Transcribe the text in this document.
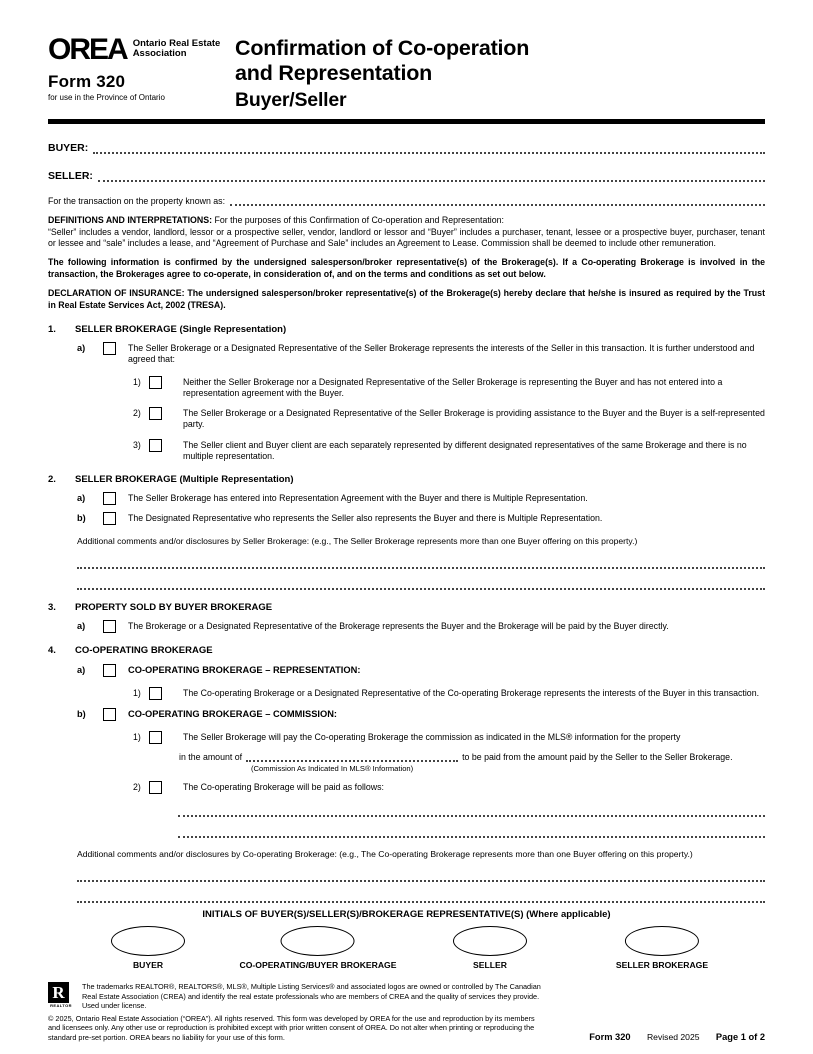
OREA Ontario Real Estate
Association
Form 320
for use in the Province of Ontario
Confirmation of Co-operation
and Representation
Buyer/Seller
BUYER:
SELLER:
For the transaction on the property known as:

DEFINITIONS AND INTERPRETATIONS: For the purposes of this Confirmation of Co-operation and Representation:

“Seller” includes a vendor, landlord, lessor or a prospective seller, vendor, landlord or lessor and “Buyer” includes a purchaser, tenant, lessee or a prospective buyer, purchaser, tenant or lessee and “sale” includes a lease, and “Agreement of Purchase and Sale” includes an Agreement to Lease. Commission shall be deemed to include other remuneration.

The following information is confirmed by the undersigned salesperson/broker representative(s) of the Brokerage(s). If a Co-operating Brokerage is involved in the transaction, the Brokerages agree to co-operate, in consideration of, and on the terms and conditions as set out below.

DECLARATION OF INSURANCE: The undersigned salesperson/broker representative(s) of the Brokerage(s) hereby declare that he/she is insured as required by the Trust in Real Estate Services Act, 2002 (TRESA).

1.	SELLER BROKERAGE (Single Representation)
a)	The Seller Brokerage or a Designated Representative of the Seller Brokerage represents the interests of the Seller in this transaction. It is further understood and agreed that:
1)	Neither the Seller Brokerage nor a Designated Representative of the Seller Brokerage is representing the Buyer and has not entered into a representation agreement with the Buyer.
2)	The Seller Brokerage or a Designated Representative of the Seller Brokerage is providing assistance to the Buyer and the Buyer is a self-represented party.
3)	The Seller client and Buyer client are each separately represented by different designated representatives of the same Brokerage and there is no multiple representation.
2.	SELLER BROKERAGE (Multiple Representation)
a)	The Seller Brokerage has entered into Representation Agreement with the Buyer and there is Multiple Representation.
b)	The Designated Representative who represents the Seller also represents the Buyer and there is Multiple Representation.
Additional comments and/or disclosures by Seller Brokerage: (e.g., The Seller Brokerage represents more than one Buyer offering on this property.)
3.	PROPERTY SOLD BY BUYER BROKERAGE
a)	The Brokerage or a Designated Representative of the Brokerage represents the Buyer and the Brokerage will be paid by the Buyer directly.
4.	CO-OPERATING BROKERAGE
a)	CO-OPERATING BROKERAGE – REPRESENTATION:
1)	The Co-operating Brokerage or a Designated Representative of the Co-operating Brokerage represents the interests of the Buyer in this transaction.
b)	CO-OPERATING BROKERAGE – COMMISSION:
1)	The Seller Brokerage will pay the Co-operating Brokerage the commission as indicated in the MLS® information for the property
in the amount of	to be paid from the amount paid by the Seller to the Seller Brokerage.
(Commission As Indicated In MLS® Information)
2)	The Co-operating Brokerage will be paid as follows:
Additional comments and/or disclosures by Co-operating Brokerage: (e.g., The Co-operating Brokerage represents more than one Buyer offering on this property.)
INITIALS OF BUYER(S)/SELLER(S)/BROKERAGE REPRESENTATIVE(S) (Where applicable)
BUYER	CO-OPERATING/BUYER BROKERAGE	SELLER	SELLER BROKERAGE
R
REALTOR
The trademarks REALTOR®, REALTORS®, MLS®, Multiple Listing Services® and associated logos are owned or controlled by The Canadian Real Estate Association (CREA) and identify the real estate professionals who are members of CREA and the quality of services they provide. Used under license.
© 2025, Ontario Real Estate Association (“OREA”). All rights reserved. This form was developed by OREA for the use and reproduction by its members and licensees only. Any other use or reproduction is prohibited except with prior written consent of OREA. Do not alter when printing or reproducing the standard pre-set portion. OREA bears no liability for your use of this form.	Form 320 Revised 2025 Page 1 of 2
